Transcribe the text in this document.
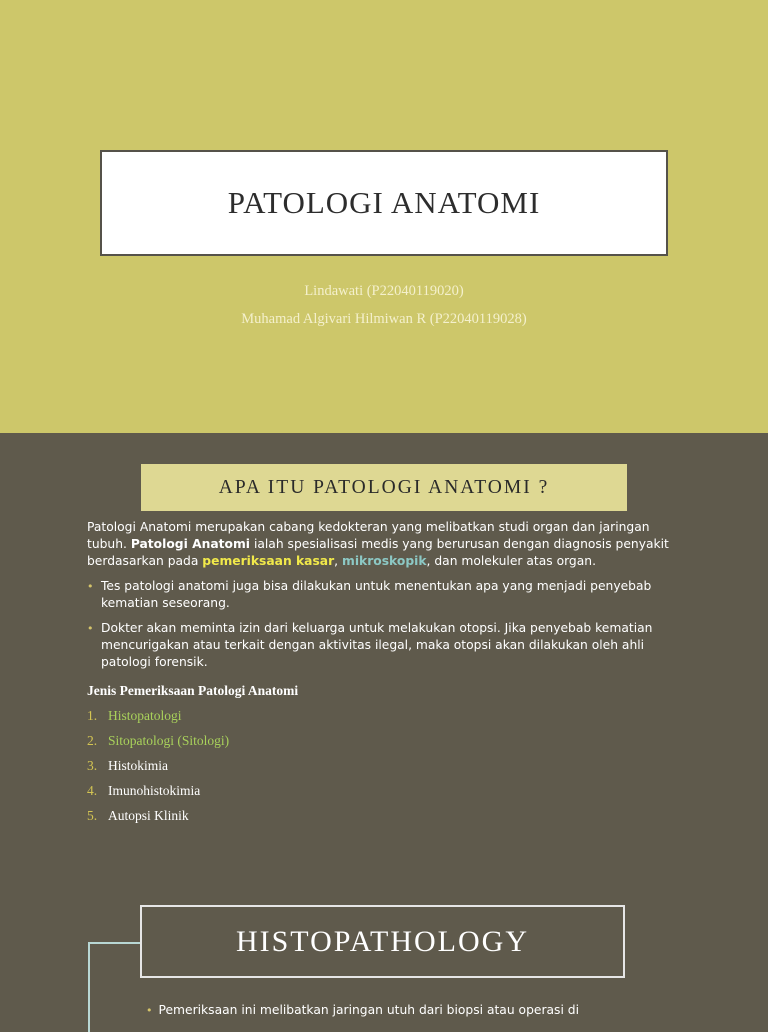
PATOLOGI ANATOMI
Lindawati (P22040119020)
Muhamad Algivari Hilmiwan R (P22040119028)
APA ITU PATOLOGI ANATOMI ?

Patologi Anatomi merupakan cabang kedokteran yang melibatkan studi organ dan jaringan tubuh. Patologi Anatomi ialah spesialisasi medis yang berurusan dengan diagnosis penyakit berdasarkan pada pemeriksaan kasar, mikroskopik, dan molekuler atas organ.

• Tes patologi anatomi juga bisa dilakukan untuk menentukan apa yang menjadi penyebab kematian seseorang.
• Dokter akan meminta izin dari keluarga untuk melakukan otopsi. Jika penyebab kematian mencurigakan atau terkait dengan aktivitas ilegal, maka otopsi akan dilakukan oleh ahli patologi forensik.
Jenis Pemeriksaan Patologi Anatomi
1. Histopatologi
2. Sitopatologi (Sitologi)
3. Histokimia
4. Imunohistokimia
5. Autopsi Klinik
HISTOPATHOLOGY
• Pemeriksaan ini melibatkan jaringan utuh dari biopsi atau operasi di
